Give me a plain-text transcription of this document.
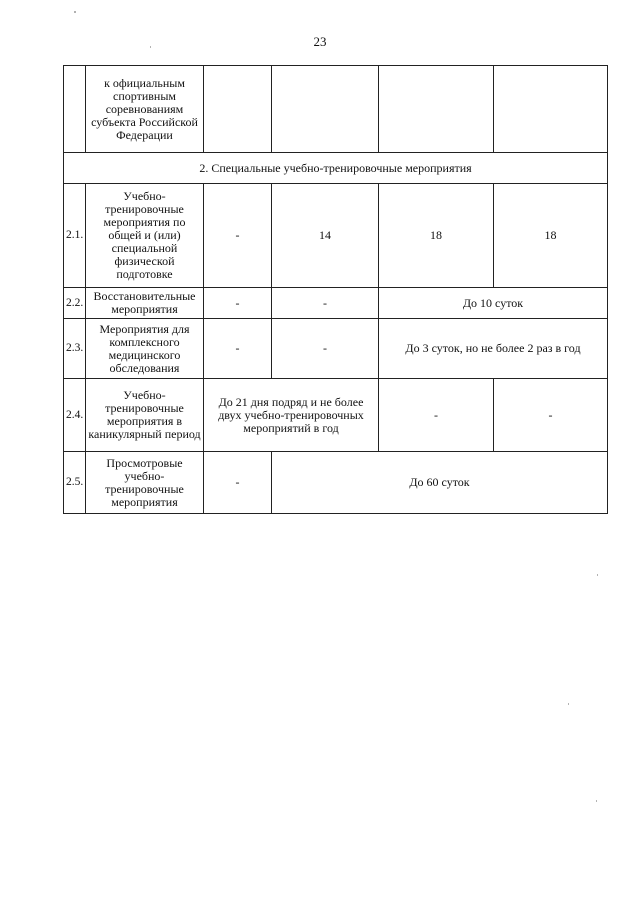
23
	к официальным спортивным соревнованиям субъекта Российской Федерации				
2. Специальные учебно-тренировочные мероприятия					
2.1.	Учебно-тренировочные мероприятия по общей и (или) специальной физической подготовке	-	14	18	18
2.2.	Восстановительные мероприятия	-	-	До 10 суток	
2.3.	Мероприятия для комплексного медицинского обследования	-	-	До 3 суток, но не более 2 раз в год	
2.4.	Учебно-тренировочные мероприятия в каникулярный период	До 21 дня подряд и не более двух учебно-тренировочных мероприятий в год		-	-
2.5.	Просмотровые учебно-тренировочные мероприятия	-	До 60 суток		
